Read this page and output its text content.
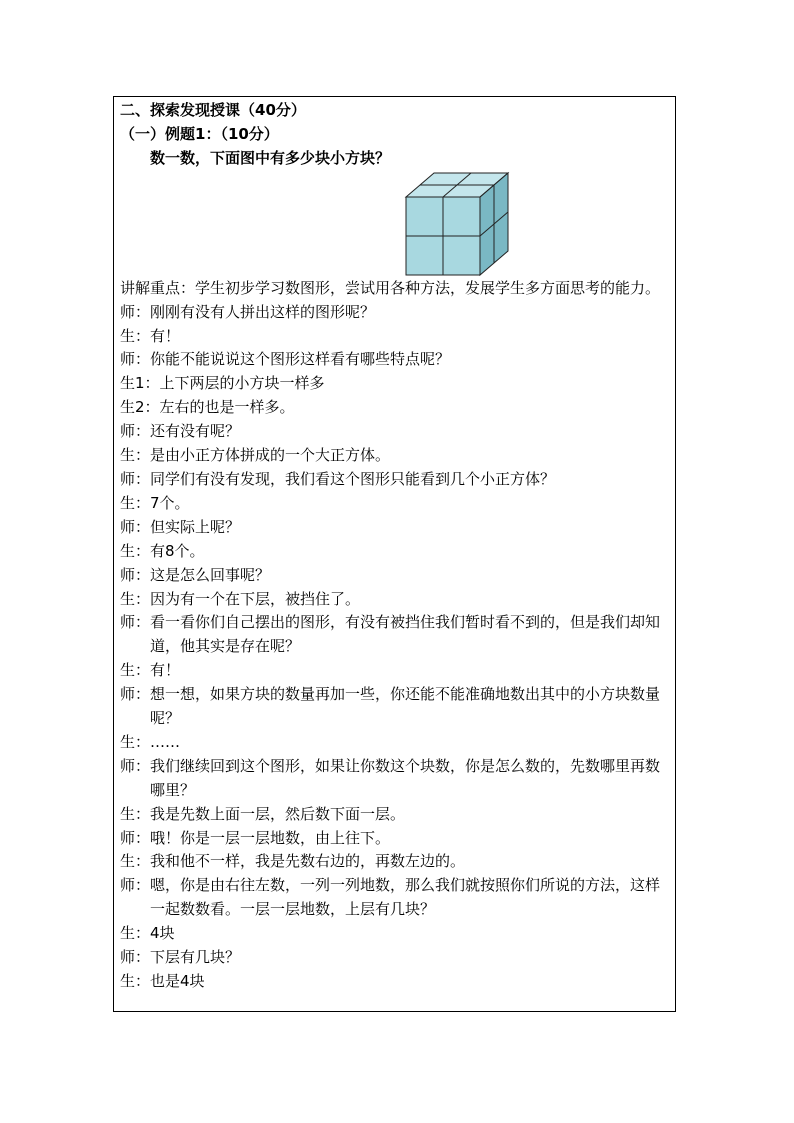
二、探索发现授课（40分）
（一）例题1：（10分）
数一数，下面图中有多少块小方块？
讲解重点：学生初步学习数图形，尝试用各种方法，发展学生多方面思考的能力。
师：刚刚有没有人拼出这样的图形呢？
生：有！
师：你能不能说说这个图形这样看有哪些特点呢？
生1：上下两层的小方块一样多
生2：左右的也是一样多。
师：还有没有呢？
生：是由小正方体拼成的一个大正方体。
师：同学们有没有发现，我们看这个图形只能看到几个小正方体？
生：7个。
师：但实际上呢？
生：有8个。
师：这是怎么回事呢？
生：因为有一个在下层，被挡住了。
师：看一看你们自己摆出的图形，有没有被挡住我们暂时看不到的，但是我们却知道，他其实是存在呢？
生：有！
师：想一想，如果方块的数量再加一些，你还能不能准确地数出其中的小方块数量呢？
生：……
师：我们继续回到这个图形，如果让你数这个块数，你是怎么数的，先数哪里再数哪里？
生：我是先数上面一层，然后数下面一层。
师：哦！你是一层一层地数，由上往下。
生：我和他不一样，我是先数右边的，再数左边的。
师：嗯，你是由右往左数，一列一列地数，那么我们就按照你们所说的方法，这样一起数数看。一层一层地数，上层有几块？
生：4块
师：下层有几块？
生：也是4块
